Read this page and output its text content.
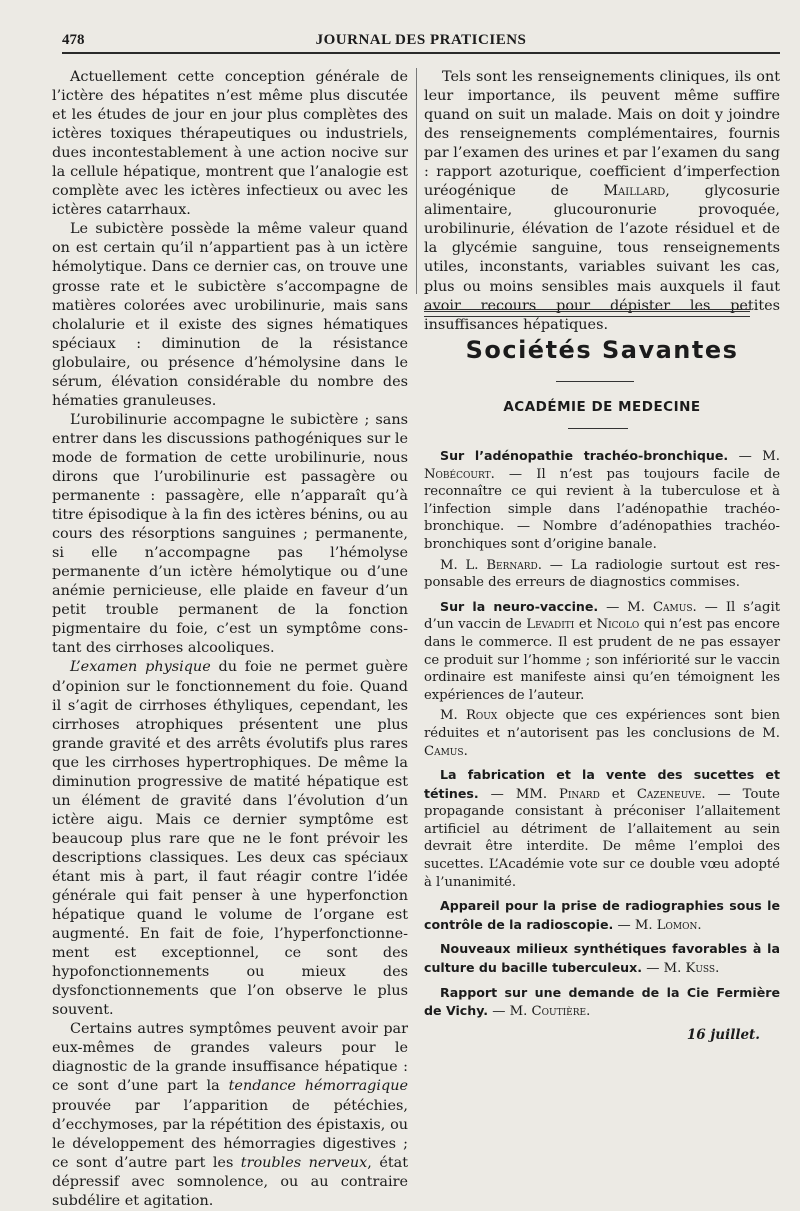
478	JOURNAL DES PRATICIENS

Actuellement cette conception générale de l’ictère des hépatites n’est même plus discutée et les études de jour en jour plus complètes des ictères toxiques thérapeutiques ou industriels, dues incontestablement à une action nocive sur la cellule hépatique, montrent que l’analogie est complète avec les ictères infectieux ou avec les ictères catarrhaux.

Le subictère possède la même valeur quand on est certain qu’il n’appartient pas à un ictère hémolytique. Dans ce dernier cas, on trouve une grosse rate et le subictère s’accompagne de matières colorées avec urobilinurie, mais sans cholalurie et il existe des signes hématiques spéciaux : diminution de la résistance globulaire, ou présence d’hémolysine dans le sérum, élévation considérable du nombre des hématies granuleuses.

L’urobilinurie accompagne le subictère ; sans entrer dans les discussions pathogéniques sur le mode de formation de cette urobilinurie, nous dirons que l’urobilinurie est passagère ou permanente : passagère, elle n’apparaît qu’à titre épisodique à la fin des ictères bénins, ou au cours des résorptions sanguines ; permanente, si elle n’accompagne pas l’hémolyse permanente d’un ictère hémolytique ou d’une anémie pernicieuse, elle plaide en faveur d’un petit trouble permanent de la fonction pigmentaire du foie, c’est un symptôme constant des cirrhoses alcooliques.

L’examen physique du foie ne permet guère d’opinion sur le fonctionnement du foie. Quand il s’agit de cirrhoses éthyliques, cependant, les cirrhoses atrophiques présentent une plus grande gravité et des arrêts évolutifs plus rares que les cirrhoses hypertrophiques. De même la diminution progressive de matité hépatique est un élément de gravité dans l’évolution d’un ictère aigu. Mais ce dernier symptôme est beaucoup plus rare que ne le font prévoir les descriptions classiques. Les deux cas spéciaux étant mis à part, il faut réagir contre l’idée générale qui fait penser à une hyperfonction hépatique quand le volume de l’organe est augmenté. En fait de foie, l’hyperfonctionnement est exceptionnel, ce sont des hypofonctionnements ou mieux des dysfonctionnements que l’on observe le plus souvent.

Certains autres symptômes peuvent avoir par eux-mêmes de grandes valeurs pour le diagnostic de la grande insuffisance hépatique : ce sont d’une part la tendance hémorragique prouvée par l’apparition de pétéchies, d’ecchymoses, par la répétition des épistaxis, ou le développement des hémorragies digestives ; ce sont d’autre part les troubles nerveux, état dépressif avec somnolence, ou au contraire subdélire et agitation.

Tels sont les renseignements cliniques, ils ont leur importance, ils peuvent même suffire quand on suit un malade. Mais on doit y joindre des renseignements complémentaires, fournis par l’examen des urines et par l’examen du sang : rapport azoturique, coefficient d’imperfection uréogénique de Maillard, glycosurie alimentaire, glucouronurie provoquée, urobilinurie, élévation de l’azote résiduel et de la glycémie sanguine, tous renseignements utiles, inconstants, variables suivant les cas, plus ou moins sensibles mais auxquels il faut avoir recours pour dépister les petites insuffisances hépatiques.

Sociétés Savantes
ACADÉMIE DE MEDECINE

Sur l’adénopathie trachéo-bronchique. — M. Nobécourt. — Il n’est pas toujours facile de reconnaître ce qui revient à la tuberculose et à l’infection simple dans l’adénopathie trachéo-bronchique. — Nombre d’adénopathies trachéo-bronchiques sont d’origine banale.

M. L. Bernard. — La radiologie surtout est responsable des erreurs de diagnostics commises.

Sur la neuro-vaccine. — M. Camus. — Il s’agit d’un vaccin de Levaditi et Nicolo qui n’est pas encore dans le commerce. Il est prudent de ne pas essayer ce produit sur l’homme ; son infériorité sur le vaccin ordinaire est manifeste ainsi qu’en témoignent les expériences de l’auteur.

M. Roux objecte que ces expériences sont bien réduites et n’autorisent pas les conclusions de M. Camus.

La fabrication et la vente des sucettes et tétines. — MM. Pinard et Cazeneuve. — Toute propagande consistant à préconiser l’allaitement artificiel au détriment de l’allaitement au sein devrait être interdite. De même l’emploi des sucettes. L’Académie vote sur ce double vœu adopté à l’unanimité.

Appareil pour la prise de radiographies sous le contrôle de la radioscopie. — M. Lomon.

Nouveaux milieux synthétiques favorables à la culture du bacille tuberculeux. — M. Kuss.

Rapport sur une demande de la Cie Fermière de Vichy. — M. Coutière.

16 juillet.
